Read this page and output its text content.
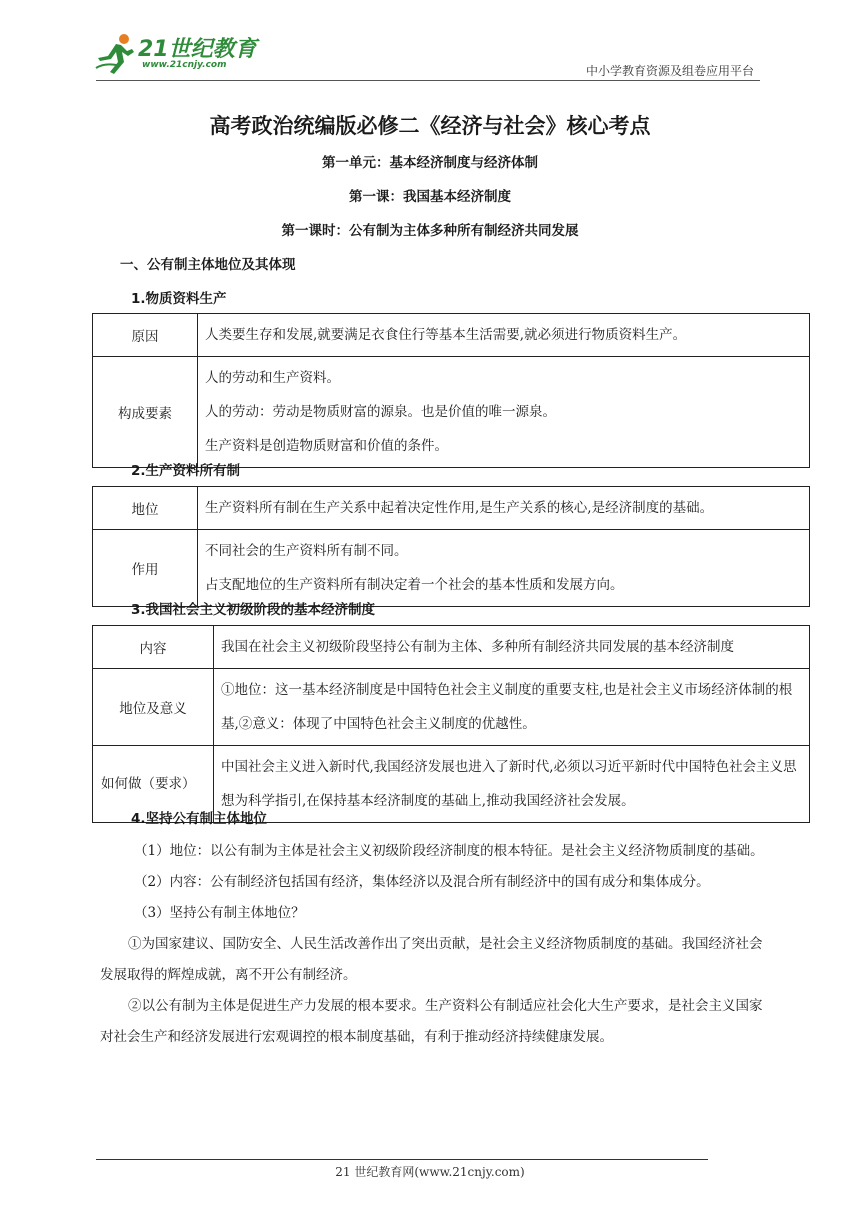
21世纪教育
www.21cnjy.com	中小学教育资源及组卷应用平台
高考政治统编版必修二《经济与社会》核心考点
第一单元：基本经济制度与经济体制
第一课：我国基本经济制度
第一课时：公有制为主体多种所有制经济共同发展
一、公有制主体地位及其体现
1.物质资料生产
原因	人类要生存和发展,就要满足衣食住行等基本生活需要,就必须进行物质资料生产。
构成要素	人的劳动和生产资料。

人的劳动：劳动是物质财富的源泉。也是价值的唯一源泉。

生产资料是创造物质财富和价值的条件。

2.生产资料所有制
地位	生产资料所有制在生产关系中起着决定性作用,是生产关系的核心,是经济制度的基础。
作用	不同社会的生产资料所有制不同。

占支配地位的生产资料所有制决定着一个社会的基本性质和发展方向。

3.我国社会主义初级阶段的基本经济制度
内容	我国在社会主义初级阶段坚持公有制为主体、多种所有制经济共同发展的基本经济制度
地位及意义	①地位：这一基本经济制度是中国特色社会主义制度的重要支柱,也是社会主义市场经济体制的根基,②意义：体现了中国特色社会主义制度的优越性。
如何做（要求）	中国社会主义进入新时代,我国经济发展也进入了新时代,必须以习近平新时代中国特色社会主义思想为科学指引,在保持基本经济制度的基础上,推动我国经济社会发展。
4.坚持公有制主体地位

（1）地位：以公有制为主体是社会主义初级阶段经济制度的根本特征。是社会主义经济物质制度的基础。

（2）内容：公有制经济包括国有经济，集体经济以及混合所有制经济中的国有成分和集体成分。

（3）坚持公有制主体地位？

①为国家建议、国防安全、人民生活改善作出了突出贡献，是社会主义经济物质制度的基础。我国经济社会发展取得的辉煌成就，离不开公有制经济。

②以公有制为主体是促进生产力发展的根本要求。生产资料公有制适应社会化大生产要求，是社会主义国家对社会生产和经济发展进行宏观调控的根本制度基础，有利于推动经济持续健康发展。

21 世纪教育网(www.21cnjy.com)
